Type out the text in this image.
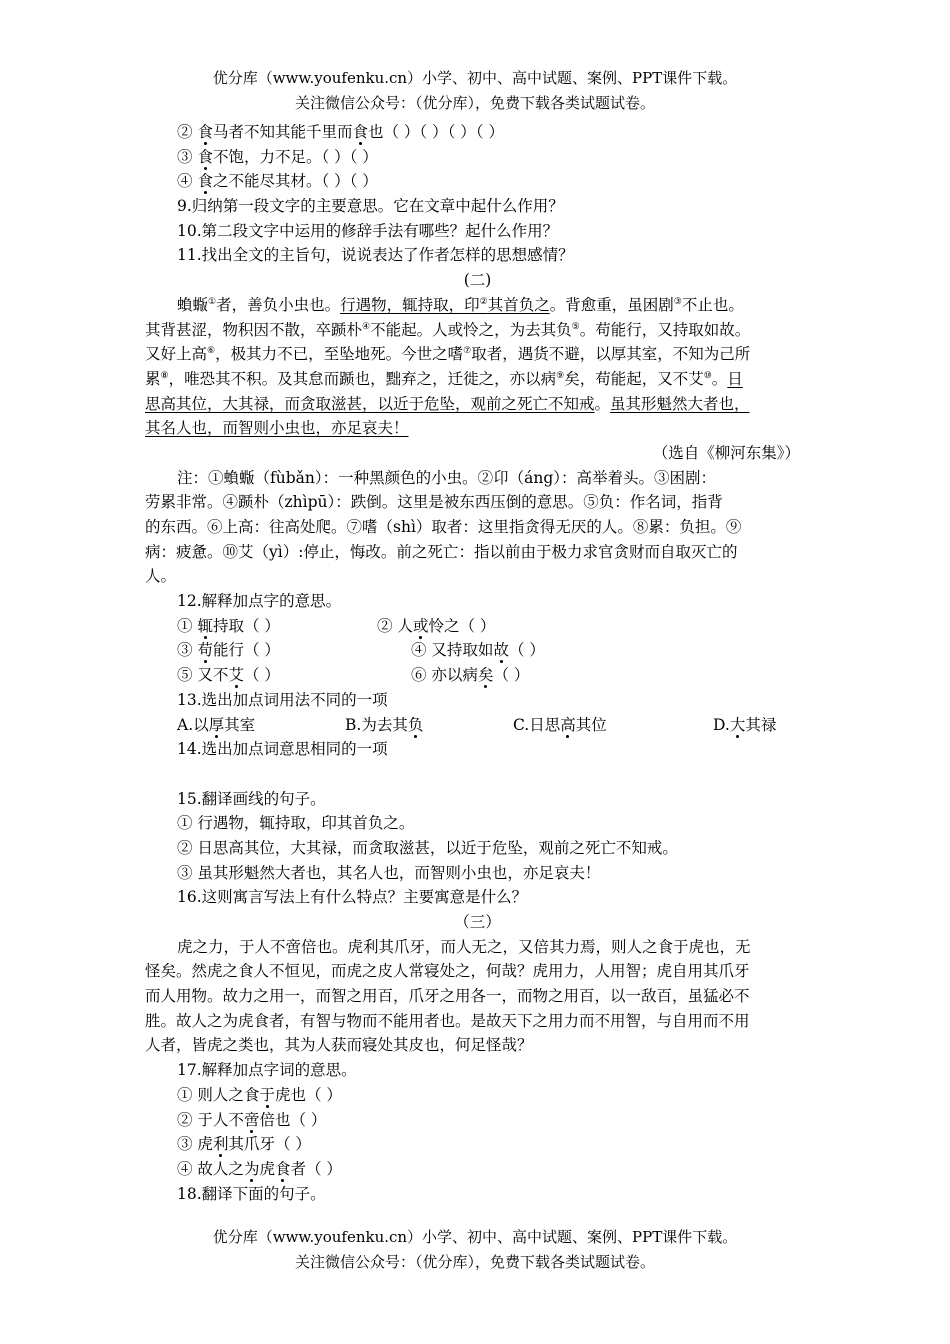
优分库（www.youfenku.cn）小学、初中、高中试题、案例、PPT课件下载。
关注微信公众号：（优分库），免费下载各类试题试卷。
② 食马者不知其能千里而食也（ ）（ ）（ ）（ ）
③ 食不饱，力不足。（ ）（ ）
④ 食之不能尽其材。（ ）（ ）
9.归纳第一段文字的主要意思。它在文章中起什么作用？
10.第二段文字中运用的修辞手法有哪些？起什么作用？
11.找出全文的主旨句，说说表达了作者怎样的思想感情？
(二)
蝜蝂①者，善负小虫也。行遇物，辄持取，印②其首负之。背愈重，虽困剧③不止也。
其背甚涩，物积因不散，卒踬朴④不能起。人或怜之，为去其负⑤。苟能行，又持取如故。
又好上高⑥，极其力不已，至坠地死。今世之嗜⑦取者，遇货不避，以厚其室，不知为己所
累⑧，唯恐其不积。及其怠而踬也，黜弃之，迁徙之，亦以病⑨矣，苟能起，又不艾⑩。日
思高其位，大其禄，而贪取滋甚，以近于危坠，观前之死亡不知戒。虽其形魁然大者也，
其名人也，而智则小虫也，亦足哀夫！
（选自《柳河东集》）
注：①蝜蝂（fùbǎn）：一种黑颜色的小虫。②卬（áng）：高举着头。③困剧：
劳累非常。④踬朴（zhìpū）：跌倒。这里是被东西压倒的意思。⑤负：作名词，指背
的东西。⑥上高：往高处爬。⑦嗜（shì）取者：这里指贪得无厌的人。⑧累：负担。⑨
病：疲惫。⑩艾（yì）:停止，悔改。前之死亡：指以前由于极力求官贪财而自取灭亡的
人。
12.解释加点字的意思。
① 辄持取（ ）	② 人或怜之（ ）
③ 苟能行（ ）	④ 又持取如故（ ）
⑤ 又不艾（ ）	⑥ 亦以病矣（ ）
13.选出加点词用法不同的一项
A.以厚其室	B.为去其负	C.日思高其位	D.大其禄
14.选出加点词意思相同的一项
15.翻译画线的句子。
① 行遇物，辄持取，印其首负之。
② 日思高其位，大其禄，而贪取滋甚，以近于危坠，观前之死亡不知戒。
③ 虽其形魁然大者也，其名人也，而智则小虫也，亦足哀夫！
16.这则寓言写法上有什么特点？主要寓意是什么？
（三）
虎之力，于人不啻倍也。虎利其爪牙，而人无之，又倍其力焉，则人之食于虎也，无
怪矣。然虎之食人不恒见，而虎之皮人常寝处之，何哉？虎用力，人用智；虎自用其爪牙
而人用物。故力之用一，而智之用百，爪牙之用各一，而物之用百，以一敌百，虽猛必不
胜。故人之为虎食者，有智与物而不能用者也。是故天下之用力而不用智，与自用而不用
人者，皆虎之类也，其为人获而寝处其皮也，何足怪哉？
17.解释加点字词的意思。
① 则人之食于虎也（ ）
② 于人不啻倍也（ ）
③ 虎利其爪牙（ ）
④ 故人之为虎食者（ ）
18.翻译下面的句子。
优分库（www.youfenku.cn）小学、初中、高中试题、案例、PPT课件下载。
关注微信公众号：（优分库），免费下载各类试题试卷。
